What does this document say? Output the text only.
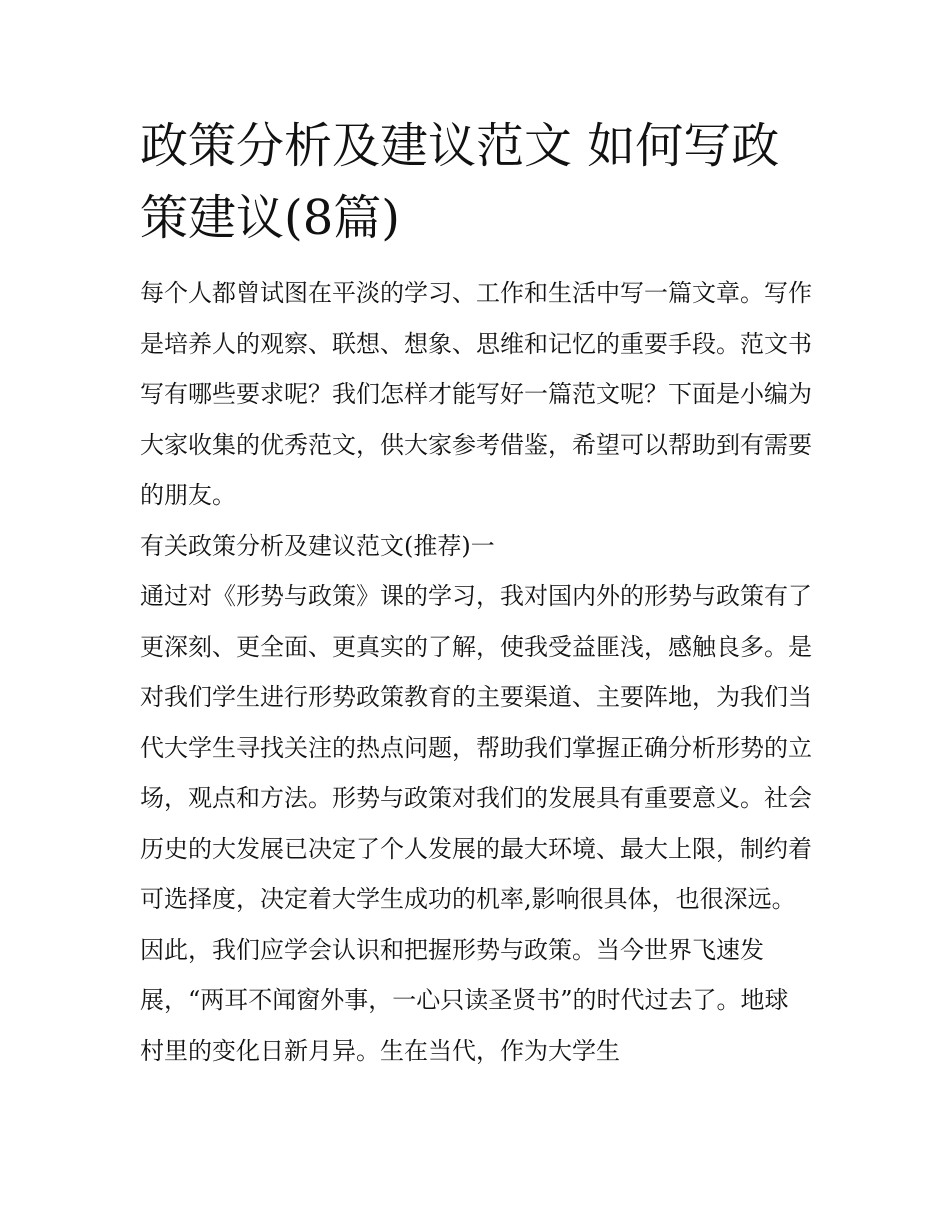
政策分析及建议范文 如何写政策建议(8篇)

每个人都曾试图在平淡的学习、工作和生活中写一篇文章。写作是培养人的观察、联想、想象、思维和记忆的重要手段。范文书写有哪些要求呢？我们怎样才能写好一篇范文呢？下面是小编为大家收集的优秀范文，供大家参考借鉴，希望可以帮助到有需要的朋友。

有关政策分析及建议范文(推荐)一

通过对《形势与政策》课的学习，我对国内外的形势与政策有了更深刻、更全面、更真实的了解，使我受益匪浅，感触良多。是对我们学生进行形势政策教育的主要渠道、主要阵地，为我们当代大学生寻找关注的热点问题，帮助我们掌握正确分析形势的立场，观点和方法。形势与政策对我们的发展具有重要意义。社会历史的大发展已决定了个人发展的最大环境、最大上限，制约着可选择度，决定着大学生成功的机率,影响很具体，也很深远。因此，我们应学会认识和把握形势与政策。当今世界飞速发展，“两耳不闻窗外事，一心只读圣贤书”的时代过去了。地球村里的变化日新月异。生在当代，作为大学生
